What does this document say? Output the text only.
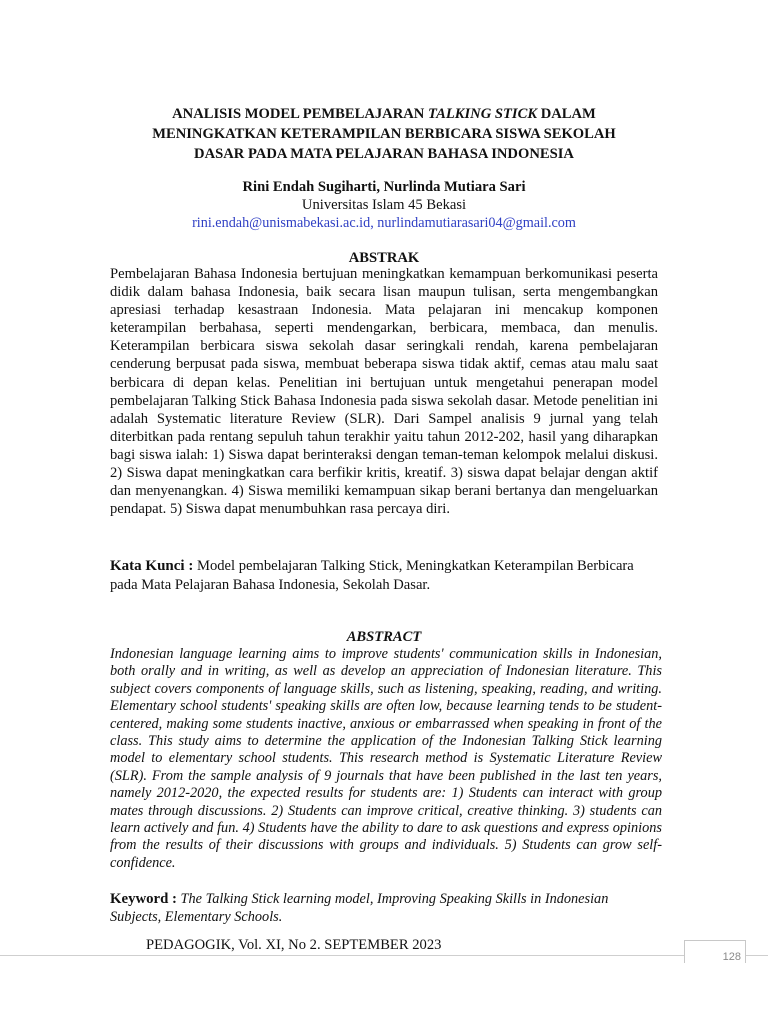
ANALISIS MODEL PEMBELAJARAN TALKING STICK DALAM
MENINGKATKAN KETERAMPILAN BERBICARA SISWA SEKOLAH
DASAR PADA MATA PELAJARAN BAHASA INDONESIA
Rini Endah Sugiharti, Nurlinda Mutiara Sari
Universitas Islam 45 Bekasi
rini.endah@unismabekasi.ac.id, nurlindamutiarasari04@gmail.com
ABSTRAK

Pembelajaran Bahasa Indonesia bertujuan meningkatkan kemampuan berkomunikasi peserta didik dalam bahasa Indonesia, baik secara lisan maupun tulisan, serta mengembangkan apresiasi terhadap kesastraan Indonesia. Mata pelajaran ini mencakup komponen keterampilan berbahasa, seperti mendengarkan, berbicara, membaca, dan menulis. Keterampilan berbicara siswa sekolah dasar seringkali rendah, karena pembelajaran cenderung berpusat pada siswa, membuat beberapa siswa tidak aktif, cemas atau malu saat berbicara di depan kelas. Penelitian ini bertujuan untuk mengetahui penerapan model pembelajaran Talking Stick Bahasa Indonesia pada siswa sekolah dasar. Metode penelitian ini adalah Systematic literature Review (SLR). Dari Sampel analisis 9 jurnal yang telah diterbitkan pada rentang sepuluh tahun terakhir yaitu tahun 2012-202, hasil yang diharapkan bagi siswa ialah: 1) Siswa dapat berinteraksi dengan teman-teman kelompok melalui diskusi. 2) Siswa dapat meningkatkan cara berfikir kritis, kreatif. 3) siswa dapat belajar dengan aktif dan menyenangkan. 4) Siswa memiliki kemampuan sikap berani bertanya dan mengeluarkan pendapat. 5) Siswa dapat menumbuhkan rasa percaya diri.

Kata Kunci : Model pembelajaran Talking Stick, Meningkatkan Keterampilan Berbicara pada Mata Pelajaran Bahasa Indonesia, Sekolah Dasar.

ABSTRACT

Indonesian language learning aims to improve students' communication skills in Indonesian, both orally and in writing, as well as develop an appreciation of Indonesian literature. This subject covers components of language skills, such as listening, speaking, reading, and writing. Elementary school students' speaking skills are often low, because learning tends to be student-centered, making some students inactive, anxious or embarrassed when speaking in front of the class. This study aims to determine the application of the Indonesian Talking Stick learning model to elementary school students. This research method is Systematic Literature Review (SLR). From the sample analysis of 9 journals that have been published in the last ten years, namely 2012-2020, the expected results for students are: 1) Students can interact with group mates through discussions. 2) Students can improve critical, creative thinking. 3) students can learn actively and fun. 4) Students have the ability to dare to ask questions and express opinions from the results of their discussions with groups and individuals. 5) Students can grow self-confidence.

Keyword : The Talking Stick learning model, Improving Speaking Skills in Indonesian Subjects, Elementary Schools.

PEDAGOGIK, Vol. XI, No 2. SEPTEMBER 2023
128
